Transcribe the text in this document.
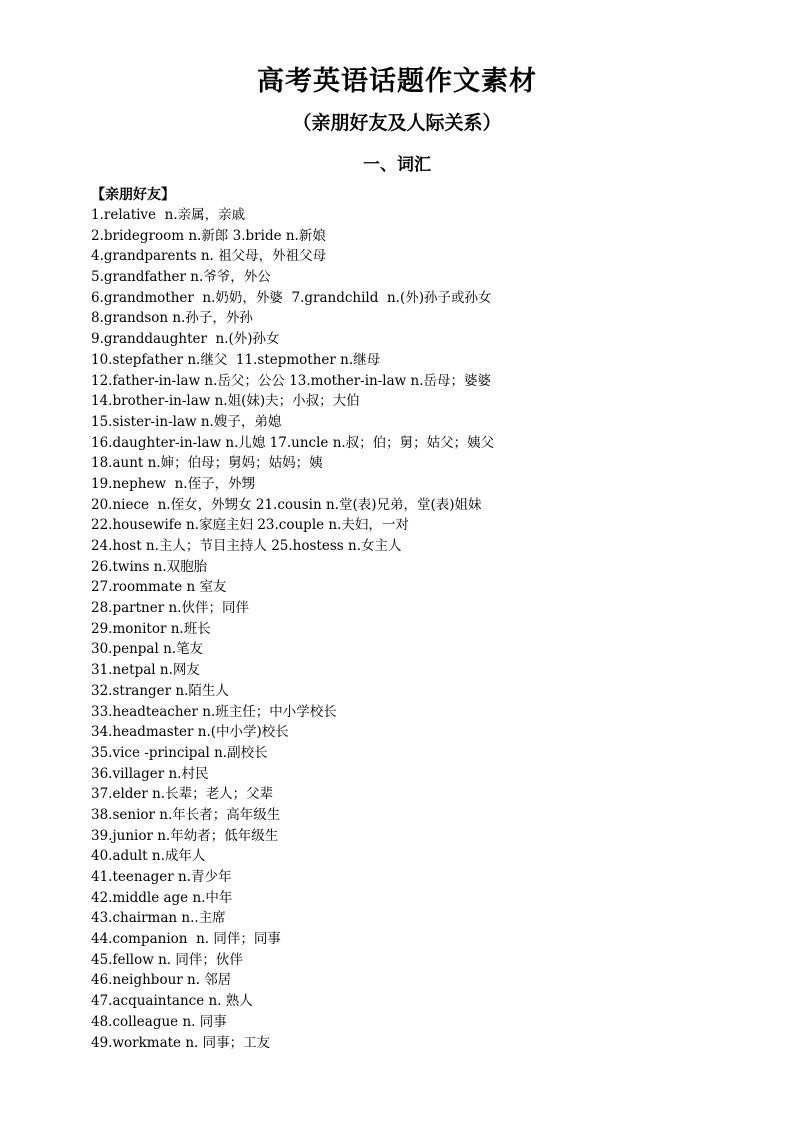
高考英语话题作文素材
（亲朋好友及人际关系）
一、词汇
【亲朋好友】
1.relative  n.亲属，亲戚
2.bridegroom n.新郎 3.bride n.新娘
4.grandparents n. 祖父母，外祖父母
5.grandfather n.爷爷，外公
6.grandmother  n.奶奶，外婆  7.grandchild  n.(外)孙子或孙女
8.grandson n.孙子，外孙
9.granddaughter  n.(外)孙女
10.stepfather n.继父  11.stepmother n.继母
12.father-in-law n.岳父；公公 13.mother-in-law n.岳母；婆婆
14.brother-in-law n.姐(妹)夫；小叔；大伯
15.sister-in-law n.嫂子，弟媳
16.daughter-in-law n.儿媳 17.uncle n.叔；伯；舅；姑父；姨父
18.aunt n.婶；伯母；舅妈；姑妈；姨
19.nephew  n.侄子，外甥
20.niece  n.侄女，外甥女 21.cousin n.堂(表)兄弟，堂(表)姐妹
22.housewife n.家庭主妇 23.couple n.夫妇，一对
24.host n.主人；节目主持人 25.hostess n.女主人
26.twins n.双胞胎
27.roommate n 室友
28.partner n.伙伴；同伴
29.monitor n.班长
30.penpal n.笔友
31.netpal n.网友
32.stranger n.陌生人
33.headteacher n.班主任；中小学校长
34.headmaster n.(中小学)校长
35.vice -principal n.副校长
36.villager n.村民
37.elder n.长辈；老人；父辈
38.senior n.年长者；高年级生
39.junior n.年幼者；低年级生
40.adult n.成年人
41.teenager n.青少年
42.middle age n.中年
43.chairman n..主席
44.companion  n. 同伴；同事
45.fellow n. 同伴；伙伴
46.neighbour n. 邻居
47.acquaintance n. 熟人
48.colleague n. 同事
49.workmate n. 同事；工友
